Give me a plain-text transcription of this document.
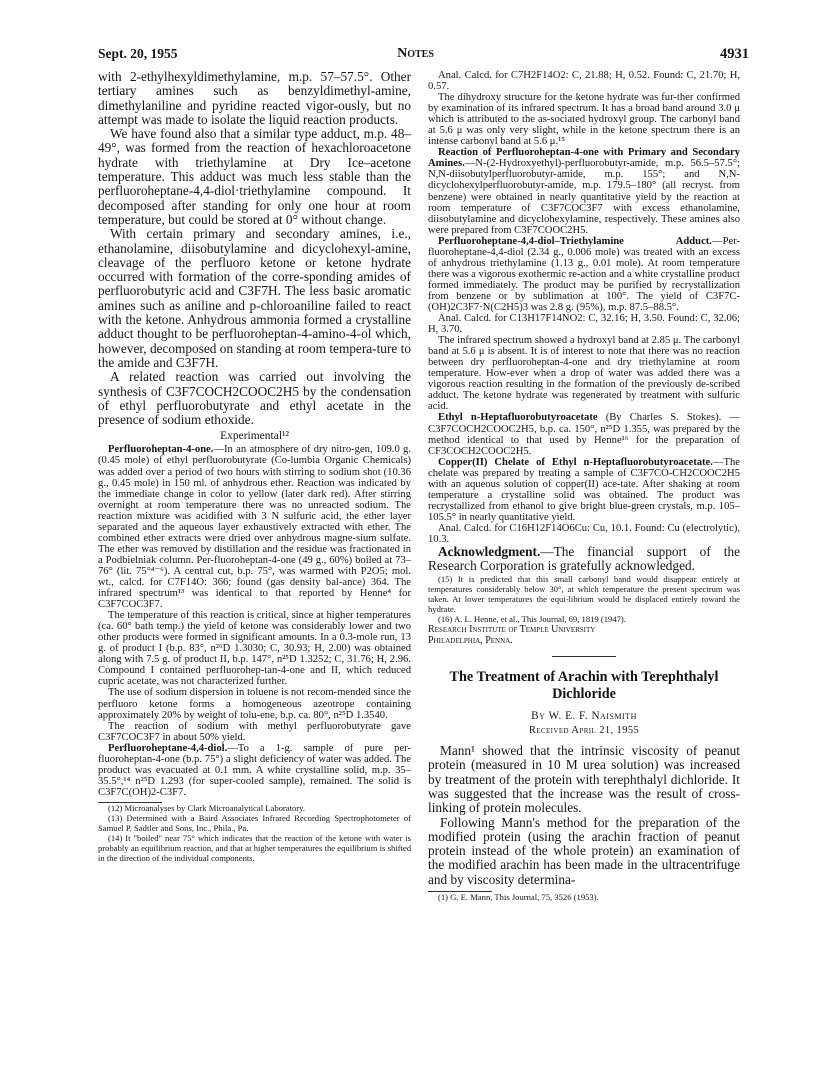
Sept. 20, 1955	Notes	4931

with 2-ethylhexyldimethylamine, m.p. 57–57.5°. Other tertiary amines such as benzyldimethyl-amine, dimethylaniline and pyridine reacted vigor-ously, but no attempt was made to isolate the liquid reaction products.

We have found also that a similar type adduct, m.p. 48–49°, was formed from the reaction of hexachloroacetone hydrate with triethylamine at Dry Ice–acetone temperature. This adduct was much less stable than the perfluoroheptane-4,4-diol·triethylamine compound. It decomposed after standing for only one hour at room temperature, but could be stored at 0° without change.

With certain primary and secondary amines, i.e., ethanolamine, diisobutylamine and dicyclohexyl-amine, cleavage of the perfluoro ketone or ketone hydrate occurred with formation of the corre-sponding amides of perfluorobutyric acid and C3F7H. The less basic aromatic amines such as aniline and p-chloroaniline failed to react with the ketone. Anhydrous ammonia formed a crystalline adduct thought to be perfluoroheptan-4-amino-4-ol which, however, decomposed on standing at room tempera-ture to the amide and C3F7H.

A related reaction was carried out involving the synthesis of C3F7COCH2COOC2H5 by the condensation of ethyl perfluorobutyrate and ethyl acetate in the presence of sodium ethoxide.

Experimental¹²

Perfluoroheptan-4-one.—In an atmosphere of dry nitro-gen, 109.0 g. (0.45 mole) of ethyl perfluorobutyrate (Co-lumbia Organic Chemicals) was added over a period of two hours with stirring to sodium shot (10.36 g., 0.45 mole) in 150 ml. of anhydrous ether. Reaction was indicated by the immediate change in color to yellow (later dark red). After stirring overnight at room temperature there was no unreacted sodium. The reaction mixture was acidified with 3 N sulfuric acid, the ether layer separated and the aqueous layer exhaustively extracted with ether. The combined ether extracts were dried over anhydrous magne-sium sulfate. The ether was removed by distillation and the residue was fractionated in a Podbielniak column. Per-fluoroheptan-4-one (49 g., 60%) boiled at 73–76° (lit. 75°⁴⁻⁶). A central cut, b.p. 75°, was warmed with P2O5; mol. wt., calcd. for C7F14O: 366; found (gas density bal-ance) 364. The infrared spectrum¹³ was identical to that reported by Henne⁴ for C3F7COC3F7.

The temperature of this reaction is critical, since at higher temperatures (ca. 60° bath temp.) the yield of ketone was considerably lower and two other products were formed in significant amounts. In a 0.3-mole run, 13 g. of product I (b.p. 83°, n²⁶D 1.3030; C, 30.93; H, 2.00) was obtained along with 7.5 g. of product II, b.p. 147°, n²⁵D 1.3252; C, 31.76; H, 2.96. Compound I contained perfluorohep-tan-4-one and II, which reduced cupric acetate, was not characterized further.

The use of sodium dispersion in toluene is not recom-mended since the perfluoro ketone forms a homogeneous azeotrope containing approximately 20% by weight of tolu-ene, b.p. ca. 80°, n²⁵D 1.3540.

The reaction of sodium with methyl perfluorobutyrate gave C3F7COC3F7 in about 50% yield.

Perfluoroheptane-4,4-diol.—To a 1-g. sample of pure per-fluoroheptan-4-one (b.p. 75°) a slight deficiency of water was added. The product was evacuated at 0.1 mm. A white crystalline solid, m.p. 35–35.5°,¹⁴ n²⁵D 1.293 (for super-cooled sample), remained. The solid is C3F7C(OH)2-C3F7.

(12) Microanalyses by Clark Microanalytical Laboratory.

(13) Determined with a Baird Associates Infrared Recording Spectrophotometer of Samuel P. Sadtler and Sons, Inc., Phila., Pa.

(14) It "boiled" near 75° which indicates that the reaction of the ketone with water is probably an equilibrium reaction, and that at higher temperatures the equilibrium is shifted in the direction of the individual components.

Anal. Calcd. for C7H2F14O2: C, 21.88; H, 0.52. Found: C, 21.70; H, 0.57.

The dihydroxy structure for the ketone hydrate was fur-ther confirmed by examination of its infrared spectrum. It has a broad band around 3.0 μ which is attributed to the as-sociated hydroxyl group. The carbonyl band at 5.6 μ was only very slight, while in the ketone spectrum there is an intense carbonyl band at 5.6 μ.¹⁵

Reaction of Perfluoroheptan-4-one with Primary and Secondary Amines.—N-(2-Hydroxyethyl)-perfluorobutyr-amide, m.p. 56.5–57.5°; N,N-diisobutylperfluorobutyr-amide, m.p. 155°; and N,N-dicyclohexylperfluorobutyr-amide, m.p. 179.5–180° (all recryst. from benzene) were obtained in nearly quantitative yield by the reaction at room temperature of C3F7COC3F7 with excess ethanolamine, diisobutylamine and dicyclohexylamine, respectively. These amines also were prepared from C3F7COOC2H5.

Perfluoroheptane-4,4-diol–Triethylamine Adduct.—Per-fluoroheptane-4,4-diol (2.34 g., 0.006 mole) was treated with an excess of anhydrous triethylamine (1.13 g., 0.01 mole). At room temperature there was a vigorous exothermic re-action and a white crystalline product formed immediately. The product may be purified by recrystallization from benzene or by sublimation at 100°. The yield of C3F7C-(OH)2C3F7·N(C2H5)3 was 2.8 g. (95%), m.p. 87.5–88.5°.

Anal. Calcd. for C13H17F14NO2: C, 32.16; H, 3.50. Found: C, 32.06; H, 3.70.

The infrared spectrum showed a hydroxyl band at 2.85 μ. The carbonyl band at 5.6 μ is absent. It is of interest to note that there was no reaction between dry perfluoroheptan-4-one and dry triethylamine at room temperature. How-ever when a drop of water was added there was a vigorous reaction resulting in the formation of the previously de-scribed adduct. The ketone hydrate was regenerated by treatment with sulfuric acid.

Ethyl n-Heptafluorobutyroacetate (By Charles S. Stokes). —C3F7COCH2COOC2H5, b.p. ca. 150°, n²⁵D 1.355, was prepared by the method identical to that used by Henne¹⁶ for the preparation of CF3COCH2COOC2H5.

Copper(II) Chelate of Ethyl n-Heptafluorobutyroacetate.—The chelate was prepared by treating a sample of C3F7CO-CH2COOC2H5 with an aqueous solution of copper(II) ace-tate. After shaking at room temperature a crystalline solid was obtained. The product was recrystallized from ethanol to give bright blue-green crystals, m.p. 105–105.5° in nearly quantitative yield.

Anal. Calcd. for C16H12F14O6Cu: Cu, 10.1. Found: Cu (electrolytic), 10.3.

Acknowledgment.—The financial support of the Research Corporation is gratefully acknowledged.

(15) It is predicted that this small carbonyl band would disappear entirely at temperatures considerably below 30°, at which temperature the present spectrum was taken. At lower temperatures the equi-librium would be displaced entirely toward the hydrate.

(16) A. L. Henne, et al., This Journal, 69, 1819 (1947).

Research Institute of Temple University

Philadelphia, Penna.

The Treatment of Arachin with Terephthalyl Dichloride
By W. E. F. Naismith
Received April 21, 1955

Mann¹ showed that the intrinsic viscosity of peanut protein (measured in 10 M urea solution) was increased by treatment of the protein with terephthalyl dichloride. It was suggested that the increase was the result of cross-linking of protein molecules.

Following Mann's method for the preparation of the modified protein (using the arachin fraction of peanut protein instead of the whole protein) an examination of the modified arachin has been made in the ultracentrifuge and by viscosity determina-

(1) G. E. Mann, This Journal, 75, 3526 (1953).
